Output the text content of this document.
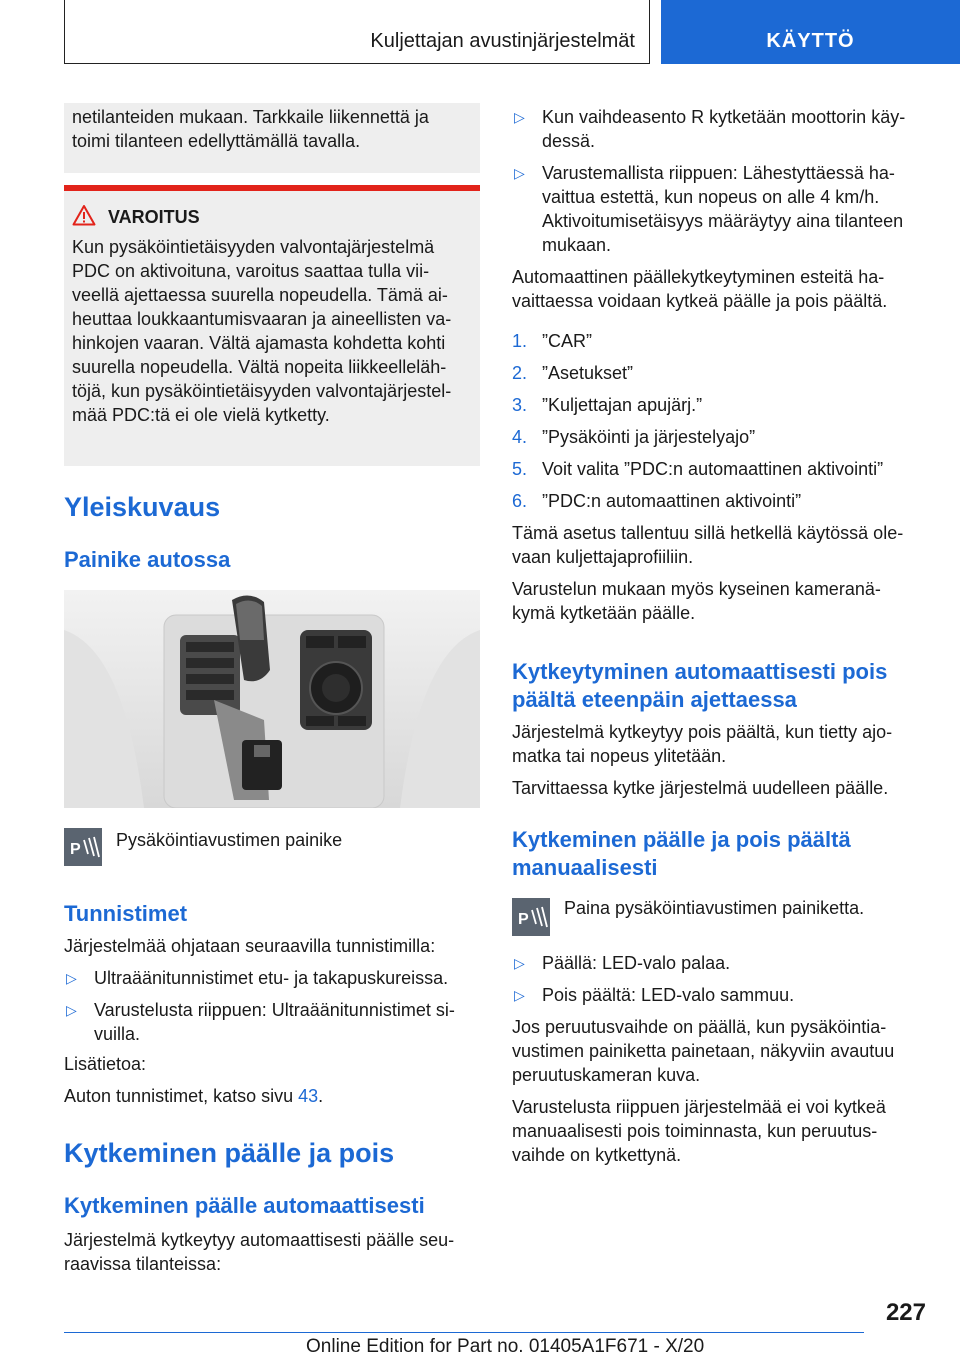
Kuljettajan avustinjärjestelmät	KÄYTTÖ

netilanteiden mukaan. Tarkkaile liikennettä ja

toimi tilanteen edellyttämällä tavalla.

VAROITUS

Kun pysäköintietäisyyden valvontajärjestelmä

PDC on aktivoituna, varoitus saattaa tulla vii-

veellä ajettaessa suurella nopeudella. Tämä ai-

heuttaa loukkaantumisvaaran ja aineellisten va-

hinkojen vaaran. Vältä ajamasta kohdetta kohti

suurella nopeudella. Vältä nopeita liikkeelleläh-

töjä, kun pysäköintietäisyyden valvontajärjestel-

mää PDC:tä ei ole vielä kytketty.

Yleiskuvaus
Painike autossa
P Pysäköintiavustimen painike

Tunnistimet

Järjestelmää ohjataan seuraavilla tunnistimilla:

▷ Ultraäänitunnistimet etu- ja takapuskureissa.
▷ Varustelusta riippuen: Ultraäänitunnistimet si-
vuilla.

Lisätietoa:

Auton tunnistimet, katso sivu 43.

Kytkeminen päälle ja pois
Kytkeminen päälle automaattisesti

Järjestelmä kytkeytyy automaattisesti päälle seu-

raavissa tilanteissa:

▷ Kun vaihdeasento R kytketään moottorin käy-
dessä.
▷ Varustemallista riippuen: Lähestyttäessä ha-
vaittua estettä, kun nopeus on alle 4 km/h.
Aktivoitumisetäisyys määräytyy aina tilanteen
mukaan.

Automaattinen päällekytkeytyminen esteitä ha-

vaittaessa voidaan kytkeä päälle ja pois päältä.

1. ”CAR”
2. ”Asetukset”
3. ”Kuljettajan apujärj.”
4. ”Pysäköinti ja järjestelyajo”
5. Voit valita ”PDC:n automaattinen aktivointi”
6. ”PDC:n automaattinen aktivointi”

Tämä asetus tallentuu sillä hetkellä käytössä ole-

vaan kuljettajaprofiiliin.

Varustelun mukaan myös kyseinen kameranä-

kymä kytketään päälle.

Kytkeytyminen automaattisesti pois
päältä eteenpäin ajettaessa

Järjestelmä kytkeytyy pois päältä, kun tietty ajo-

matka tai nopeus ylitetään.

Tarvittaessa kytke järjestelmä uudelleen päälle.

Kytkeminen päälle ja pois päältä
manuaalisesti
P

Paina pysäköintiavustimen painiketta.

▷ Päällä: LED-valo palaa.
▷ Pois päältä: LED-valo sammuu.

Jos peruutusvaihde on päällä, kun pysäköintia-

vustimen painiketta painetaan, näkyviin avautuu

peruutuskameran kuva.

Varustelusta riippuen järjestelmää ei voi kytkeä

manuaalisesti pois toiminnasta, kun peruutus-

vaihde on kytkettynä.

227
Online Edition for Part no. 01405A1F671 - X/20
